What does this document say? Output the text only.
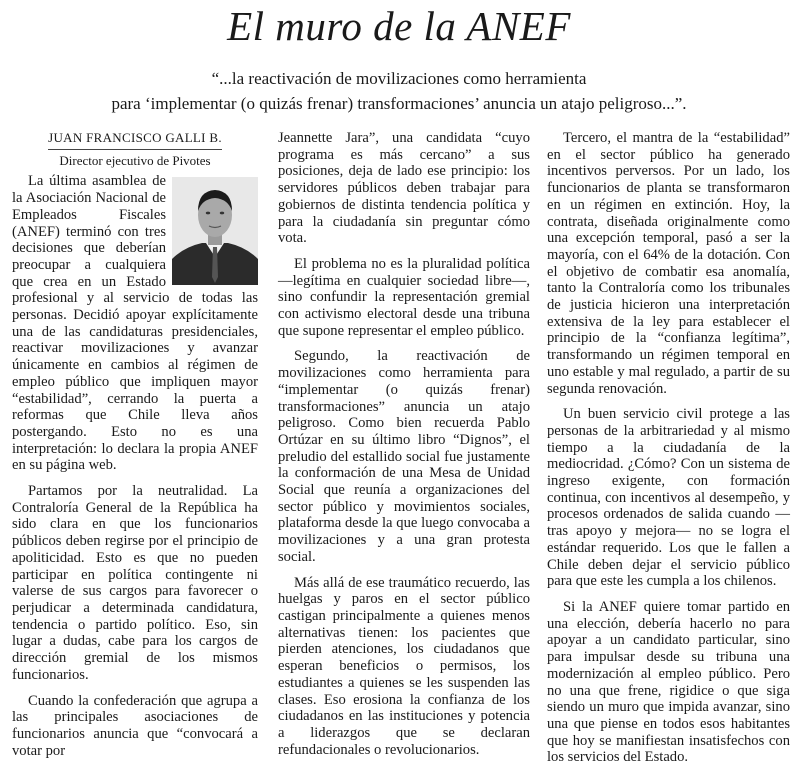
El muro de la ANEF
“...la reactivación de movilizaciones como herramienta
para ‘implementar (o quizás frenar) transformaciones’ anuncia un atajo peligroso...”.
JUAN FRANCISCO GALLI B.
Director ejecutivo de Pivotes

La última asamblea de la Asociación Nacional de Empleados Fiscales (ANEF) terminó con tres decisiones que deberían preocupar a cualquiera que crea en un Estado profesional y al servicio de todas las personas. Decidió apoyar explícitamente una de las candidaturas presidenciales, reactivar movilizaciones y avanzar únicamente en cambios al régimen de empleo público que impliquen mayor “estabilidad”, cerrando la puerta a reformas que Chile lleva años postergando. Esto no es una interpretación: lo declara la propia ANEF en su página web.

Partamos por la neutralidad. La Contraloría General de la República ha sido clara en que los funcionarios públicos deben regirse por el principio de apoliticidad. Esto es que no pueden participar en política contingente ni valerse de sus cargos para favorecer o perjudicar a determinada candidatura, tendencia o partido político. Eso, sin lugar a dudas, cabe para los cargos de dirección gremial de los mismos funcionarios.

Cuando la confederación que agrupa a las principales asociaciones de funcionarios anuncia que “convocará a votar por

Jeannette Jara”, una candidata “cuyo programa es más cercano” a sus posiciones, deja de lado ese principio: los servidores públicos deben trabajar para gobiernos de distinta tendencia política y para la ciudadanía sin preguntar cómo vota.

El problema no es la pluralidad política —legítima en cualquier sociedad libre—, sino confundir la representación gremial con activismo electoral desde una tribuna que supone representar el empleo público.

Segundo, la reactivación de movilizaciones como herramienta para “implementar (o quizás frenar) transformaciones” anuncia un atajo peligroso. Como bien recuerda Pablo Ortúzar en su último libro “Dignos”, el preludio del estallido social fue justamente la conformación de una Mesa de Unidad Social que reunía a organizaciones del sector público y movimientos sociales, plataforma desde la que luego convocaba a movilizaciones y a una gran protesta social.

Más allá de ese traumático recuerdo, las huelgas y paros en el sector público castigan principalmente a quienes menos alternativas tienen: los pacientes que pierden atenciones, los ciudadanos que esperan beneficios o permisos, los estudiantes a quienes se les suspenden las clases. Eso erosiona la confianza de los ciudadanos en las instituciones y potencia a liderazgos que se declaran refundacionales o revolucionarios.

Tercero, el mantra de la “estabilidad” en el sector público ha generado incentivos perversos. Por un lado, los funcionarios de planta se transformaron en un régimen en extinción. Hoy, la contrata, diseñada originalmente como una excepción temporal, pasó a ser la mayoría, con el 64% de la dotación. Con el objetivo de combatir esa anomalía, tanto la Contraloría como los tribunales de justicia hicieron una interpretación extensiva de la ley para establecer el principio de la “confianza legítima”, transformando un régimen temporal en uno estable y mal regulado, a partir de su segunda renovación.

Un buen servicio civil protege a las personas de la arbitrariedad y al mismo tiempo a la ciudadanía de la mediocridad. ¿Cómo? Con un sistema de ingreso exigente, con formación continua, con incentivos al desempeño, y procesos ordenados de salida cuando —tras apoyo y mejora— no se logra el estándar requerido. Los que le fallen a Chile deben dejar el servicio público para que este les cumpla a los chilenos.

Si la ANEF quiere tomar partido en una elección, debería hacerlo no para apoyar a un candidato particular, sino para impulsar desde su tribuna una modernización al empleo público. Pero no una que frene, rigidice o que siga siendo un muro que impida avanzar, sino una que piense en todos esos habitantes que hoy se manifiestan insatisfechos con los servicios del Estado.
